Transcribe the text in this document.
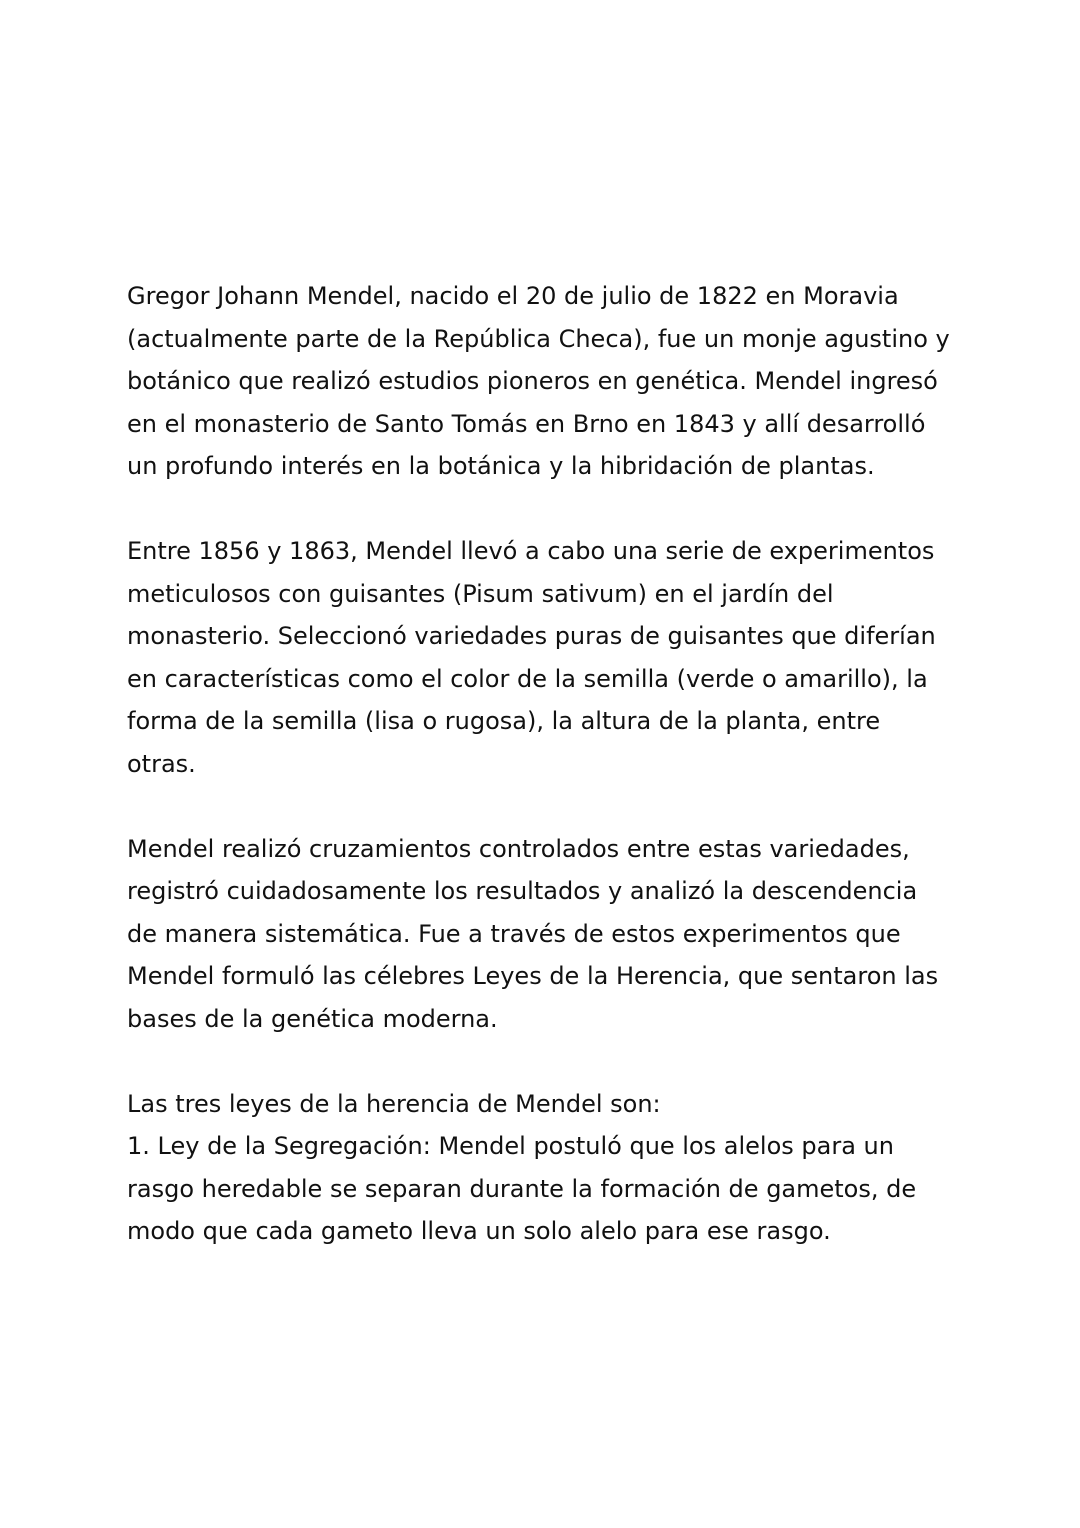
Gregor Johann Mendel, nacido el 20 de julio de 1822 en Moravia
(actualmente parte de la República Checa), fue un monje agustino y
botánico que realizó estudios pioneros en genética. Mendel ingresó
en el monasterio de Santo Tomás en Brno en 1843 y allí desarrolló
un profundo interés en la botánica y la hibridación de plantas.

Entre 1856 y 1863, Mendel llevó a cabo una serie de experimentos
meticulosos con guisantes (Pisum sativum) en el jardín del
monasterio. Seleccionó variedades puras de guisantes que diferían
en características como el color de la semilla (verde o amarillo), la
forma de la semilla (lisa o rugosa), la altura de la planta, entre
otras.

Mendel realizó cruzamientos controlados entre estas variedades,
registró cuidadosamente los resultados y analizó la descendencia
de manera sistemática. Fue a través de estos experimentos que
Mendel formuló las célebres Leyes de la Herencia, que sentaron las
bases de la genética moderna.

Las tres leyes de la herencia de Mendel son:
1. Ley de la Segregación: Mendel postuló que los alelos para un
rasgo heredable se separan durante la formación de gametos, de
modo que cada gameto lleva un solo alelo para ese rasgo.
